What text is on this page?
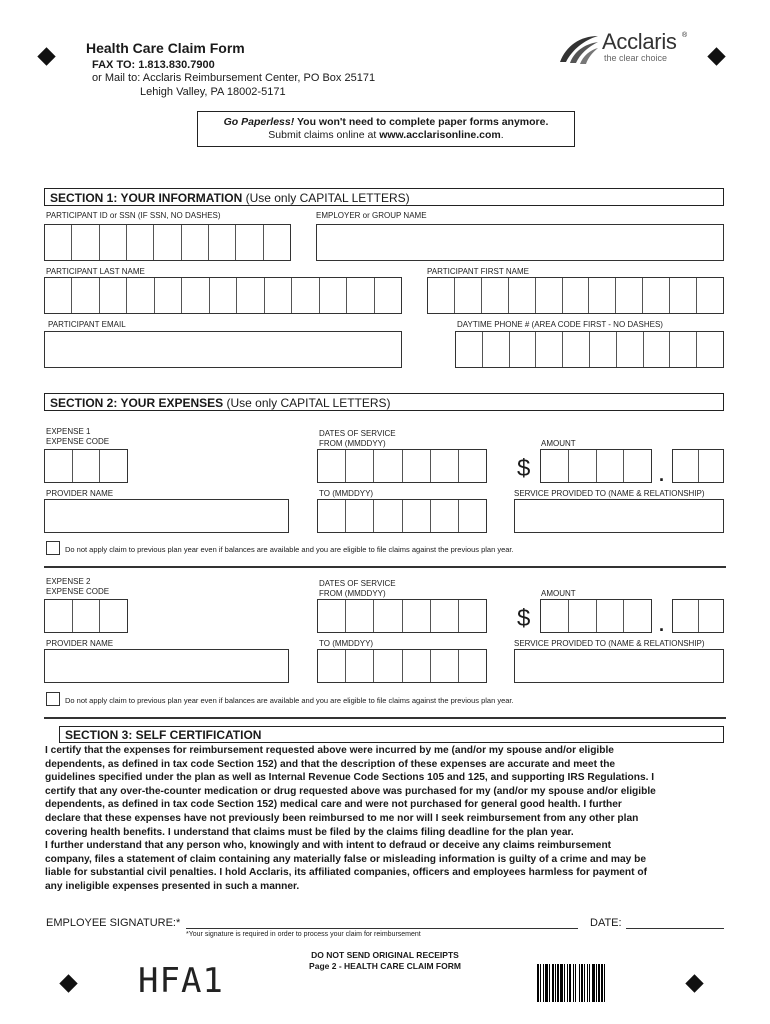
Health Care Claim Form
FAX TO: 1.813.830.7900
or Mail to: Acclaris Reimbursement Center, PO Box 25171
Lehigh Valley, PA 18002-5171
Acclaris ®
the clear choice
Go Paperless! You won't need to complete paper forms anymore.
Submit claims online at www.acclarisonline.com.
SECTION 1: YOUR INFORMATION (Use only CAPITAL LETTERS)
PARTICIPANT ID or SSN (IF SSN, NO DASHES)	EMPLOYER or GROUP NAME
PARTICIPANT LAST NAME	PARTICIPANT FIRST NAME
PARTICIPANT EMAIL	DAYTIME PHONE # (AREA CODE FIRST - NO DASHES)
SECTION 2: YOUR EXPENSES (Use only CAPITAL LETTERS)
EXPENSE 1
EXPENSE CODE
DATES OF SERVICE
FROM (MMDDYY)	AMOUNT
$	.
PROVIDER NAME	TO (MMDDYY)	SERVICE PROVIDED TO (NAME & RELATIONSHIP)
Do not apply claim to previous plan year even if balances are available and you are eligible to file claims against the previous plan year.
EXPENSE 2
EXPENSE CODE
DATES OF SERVICE
FROM (MMDDYY)	AMOUNT
$	.
PROVIDER NAME	TO (MMDDYY)	SERVICE PROVIDED TO (NAME & RELATIONSHIP)
Do not apply claim to previous plan year even if balances are available and you are eligible to file claims against the previous plan year.
SECTION 3: SELF CERTIFICATION
I certify that the expenses for reimbursement requested above were incurred by me (and/or my spouse and/or eligible
dependents, as defined in tax code Section 152) and that the description of these expenses are accurate and meet the
guidelines specified under the plan as well as Internal Revenue Code Sections 105 and 125, and supporting IRS Regulations. I
certify that any over-the-counter medication or drug requested above was purchased for my (and/or my spouse and/or eligible
dependents, as defined in tax code Section 152) medical care and were not purchased for general good health. I further
declare that these expenses have not previously been reimbursed to me nor will I seek reimbursement from any other plan
covering health benefits. I understand that claims must be filed by the claims filing deadline for the plan year.
I further understand that any person who, knowingly and with intent to defraud or deceive any claims reimbursement
company, files a statement of claim containing any materially false or misleading information is guilty of a crime and may be
liable for substantial civil penalties. I hold Acclaris, its affiliated companies, officers and employees harmless for payment of
any ineligible expenses presented in such a manner.
EMPLOYEE SIGNATURE:*	DATE:
*Your signature is required in order to process your claim for reimbursement
DO NOT SEND ORIGINAL RECEIPTS
Page 2 - HEALTH CARE CLAIM FORM
HFA1
